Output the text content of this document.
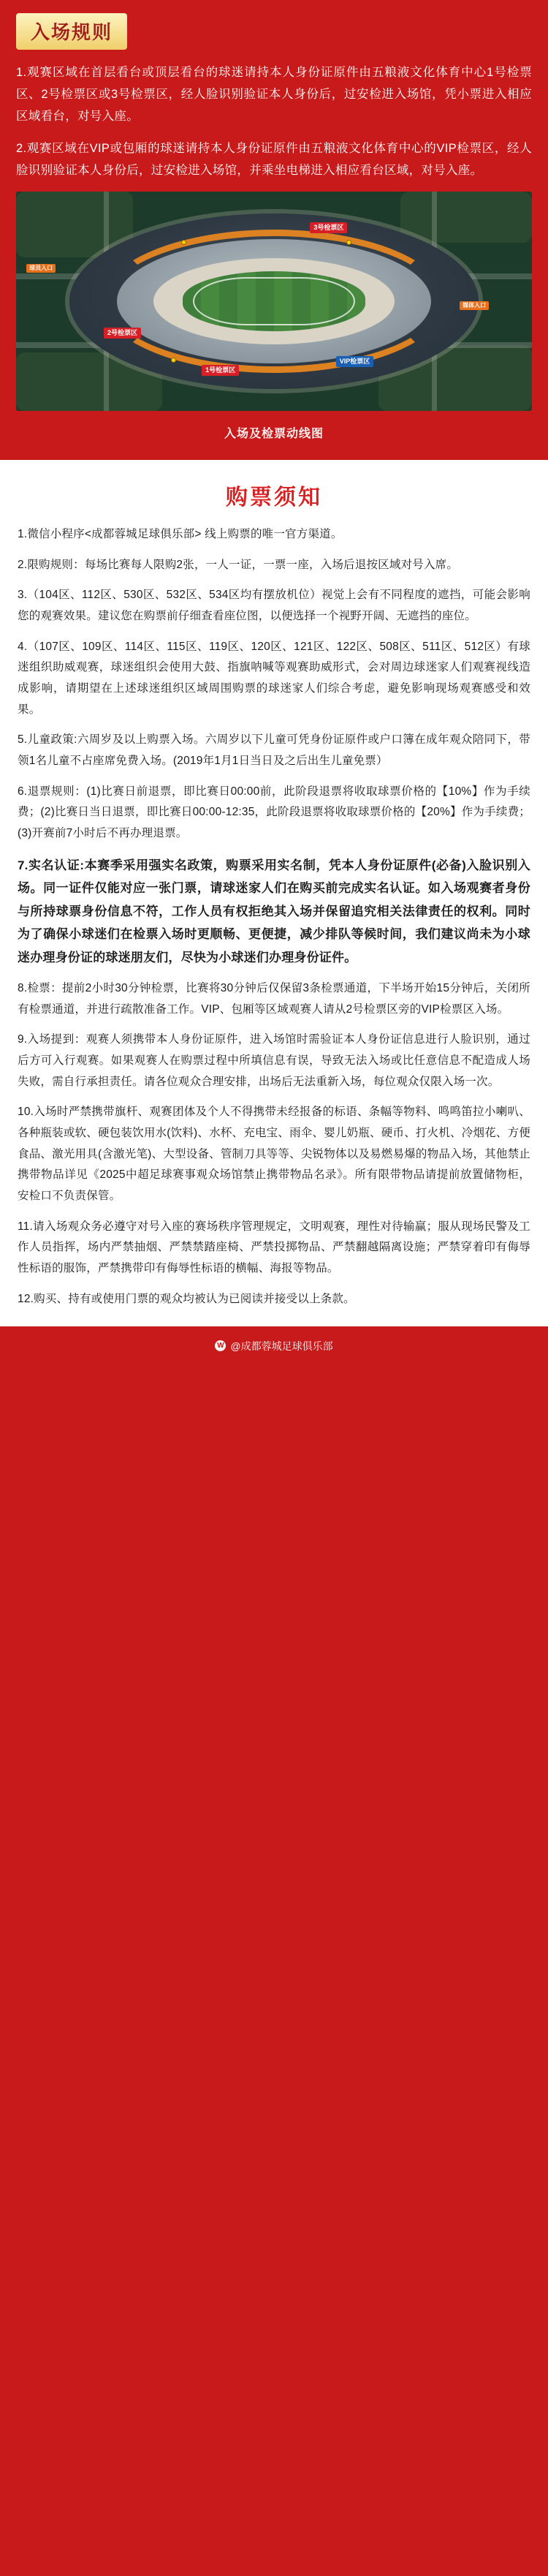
入场规则

1.观赛区域在首层看台或顶层看台的球迷请持本人身份证原件由五粮液文化体育中心1号检票区、2号检票区或3号检票区，经人脸识别验证本人身份后，过安检进入场馆，凭小票进入相应区域看台，对号入座。

2.观赛区域在VIP或包厢的球迷请持本人身份证原件由五粮液文化体育中心的VIP检票区，经人脸识别验证本人身份后，过安检进入场馆，并乘坐电梯进入相应看台区域，对号入座。

3号检票区
2号检票区
1号检票区
VIP检票区
媒体入口
球员入口
入场及检票动线图
购票须知

1.微信小程序<成都蓉城足球俱乐部> 线上购票的唯一官方渠道。

2.限购规则：每场比赛每人限购2张，一人一证，一票一座，入场后退按区域对号入席。

3.（104区、112区、530区、532区、534区均有摆放机位）视觉上会有不同程度的遮挡，可能会影响您的观赛效果。建议您在购票前仔细查看座位图，以便选择一个视野开阔、无遮挡的座位。

4.（107区、109区、114区、115区、119区、120区、121区、122区、508区、511区、512区）有球迷组织助威观赛，球迷组织会使用大鼓、指旗呐喊等观赛助威形式，会对周边球迷家人们观赛视线造成影响，请期望在上述球迷组织区域周围购票的球迷家人们综合考虑，避免影响现场观赛感受和效果。

5.儿童政策:六周岁及以上购票入场。六周岁以下儿童可凭身份证原件或户口簿在成年观众陪同下，带领1名儿童不占座席免费入场。(2019年1月1日当日及之后出生儿童免票）

6.退票规则：(1)比赛日前退票，即比赛日00:00前，此阶段退票将收取球票价格的【10%】作为手续费；(2)比赛日当日退票，即比赛日00:00-12:35，此阶段退票将收取球票价格的【20%】作为手续费；(3)开赛前7小时后不再办理退票。

7.实名认证:本赛季采用强实名政策，购票采用实名制，凭本人身份证原件(必备)入脸识别入场。同一证件仅能对应一张门票，请球迷家人们在购买前完成实名认证。如入场观赛者身份与所持球票身份信息不符，工作人员有权拒绝其入场并保留追究相关法律责任的权利。同时为了确保小球迷们在检票入场时更顺畅、更便捷，减少排队等候时间，我们建议尚未为小球迷办理身份证的球迷朋友们，尽快为小球迷们办理身份证件。

8.检票：提前2小时30分钟检票，比赛将30分钟后仅保留3条检票通道，下半场开始15分钟后，关闭所有检票通道，并进行疏散准备工作。VIP、包厢等区域观赛人请从2号检票区旁的VIP检票区入场。

9.入场提到：观赛人须携带本人身份证原件，进入场馆时需验证本人身份证信息进行人脸识别，通过后方可入行观赛。如果观赛人在购票过程中所填信息有误，导致无法入场或比任意信息不配造成人场失败，需自行承担责任。请各位观众合理安排，出场后无法重新入场，每位观众仅限入场一次。

10.入场时严禁携带旗杆、观赛团体及个人不得携带未经报备的标语、条幅等物料、鸣鸣笛拉小喇叭、各种瓶装或软、硬包装饮用水(饮料)、水杯、充电宝、雨伞、婴儿奶瓶、硬币、打火机、冷烟花、方便食品、激光用具(含激光笔)、大型设备、管制刀具等等、尖锐物体以及易燃易爆的物品入场，其他禁止携带物品详见《2025中超足球赛事观众场馆禁止携带物品名录》。所有限带物品请提前放置储物柜，安检口不负责保管。

11.请入场观众务必遵守对号入座的赛场秩序管理规定，文明观赛，理性对待输赢；服从现场民警及工作人员指挥，场内严禁抽烟、严禁禁踏座椅、严禁投掷物品、严禁翻越隔离设施；严禁穿着印有侮辱性标语的服饰，严禁携带印有侮辱性标语的横幅、海报等物品。

12.购买、持有或使用门票的观众均被认为已阅读并接受以上条款。

W @成都蓉城足球俱乐部
